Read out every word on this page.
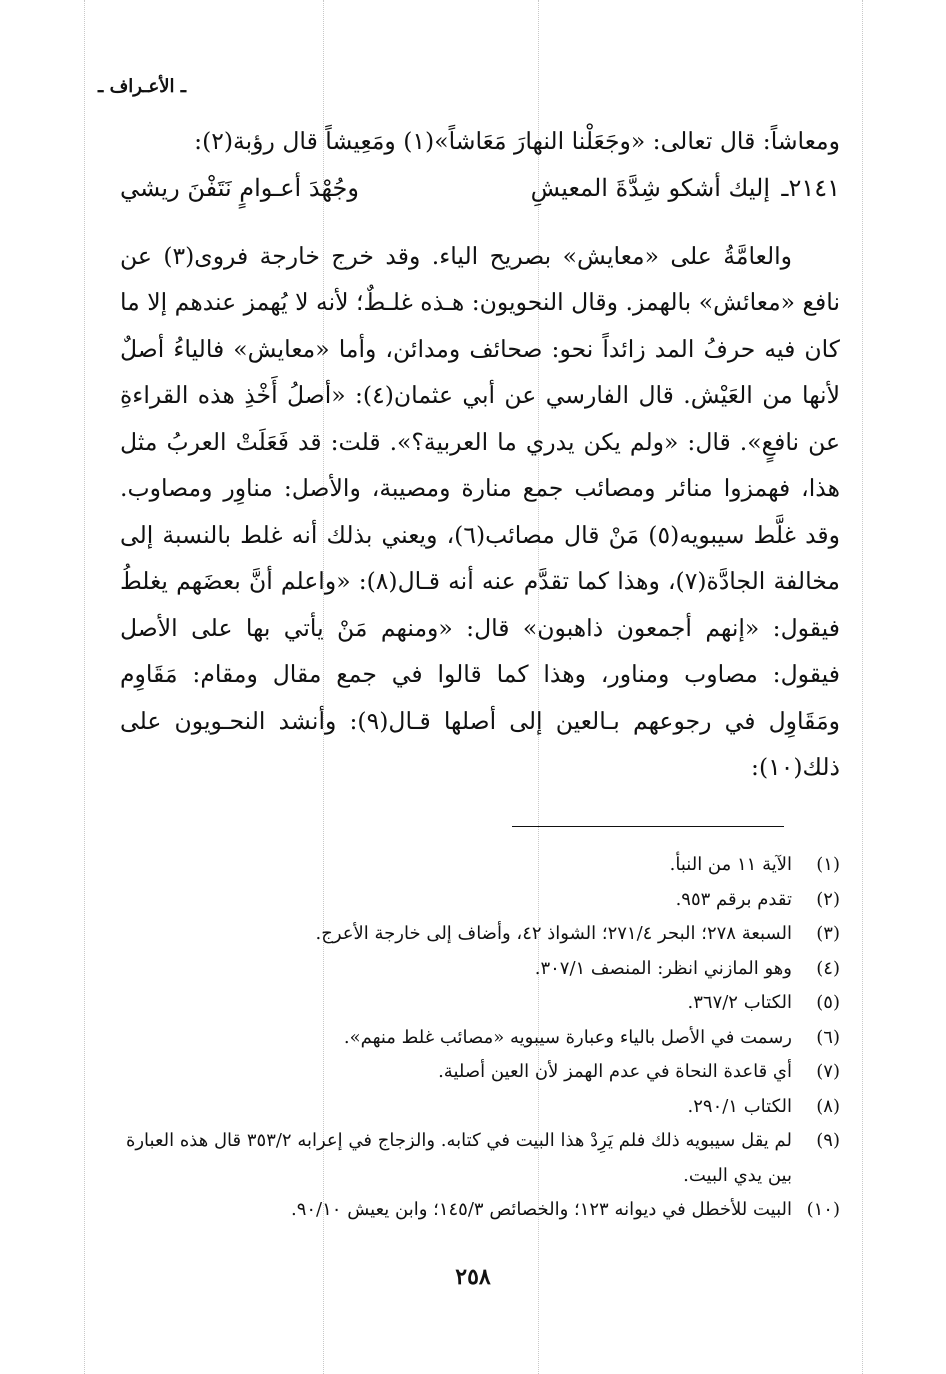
ـ الأعـراف ـ

ومعاشاً: قال تعالى: «وجَعَلْنا النهارَ مَعَاشاً»(١) ومَعِيشاً قال رؤبة(٢):

٢١٤١ـ
إليك أشكو شِدَّةَ المعيشِ
وجُهْدَ أعـوامٍ نَتَفْنَ ريشي

والعامَّةُ على «معايش» بصريح الياء. وقد خرج خارجة فروى(٣) عن نافع «معائش» بالهمز. وقال النحويون: هـذه غلـطٌ؛ لأنه لا يُهمز عندهم إلا ما كان فيه حرفُ المد زائداً نحو: صحائف ومدائن، وأما «معايش» فالياءُ أصلٌ لأنها من العَيْش. قال الفارسي عن أبي عثمان(٤): «أصلُ أَخْذِ هذه القراءةِ عن نافعٍ». قال: «ولم يكن يدري ما العربية؟». قلت: قد فَعَلَتْ العربُ مثل هذا، فهمزوا منائر ومصائب جمع منارة ومصيبة، والأصل: مناوِر ومصاوب. وقد غلَّط سيبويه(٥) مَنْ قال مصائب(٦)، ويعني بذلك أنه غلط بالنسبة إلى مخالفة الجادَّة(٧)، وهذا كما تقدَّم عنه أنه قـال(٨): «واعلم أنَّ بعضَهم يغلطُ فيقول: «إنهم أجمعون ذاهبون» قال: «ومنهم مَنْ يأتي بها على الأصل فيقول: مصاوب ومناور، وهذا كما قالوا في جمع مقال ومقام: مَقَاوِم ومَقَاوِل في رجوعهم بـالعين إلى أصلها قـال(٩): وأنشد النحـويون على ذلك(١٠):

(١)
الآية ١١ من النبأ.
(٢)
تقدم برقم ٩٥٣.
(٣)
السبعة ٢٧٨؛ البحر ٢٧١/٤؛ الشواذ ٤٢، وأضاف إلى خارجة الأعرج.
(٤)
وهو المازني انظر: المنصف ٣٠٧/١.
(٥)
الكتاب ٣٦٧/٢.
(٦)
رسمت في الأصل بالياء وعبارة سيبويه «مصائب غلط منهم».
(٧)
أي قاعدة النحاة في عدم الهمز لأن العين أصلية.
(٨)
الكتاب ٢٩٠/١.
(٩)
لم يقل سيبويه ذلك فلم يَرِدْ هذا البيت في كتابه. والزجاج في إعرابه ٣٥٣/٢ قال هذه العبارة بين يدي البيت.
(١٠)
البيت للأخطل في ديوانه ١٢٣؛ والخصائص ١٤٥/٣؛ وابن يعيش ٩٠/١٠.
٢٥٨
